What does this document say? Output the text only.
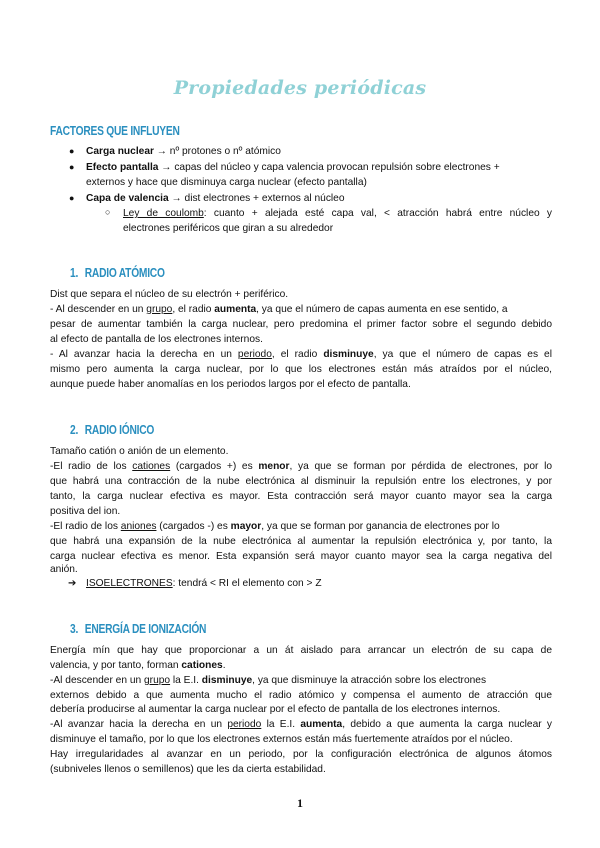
Propiedades periódicas
FACTORES QUE INFLUYEN
● Carga nuclear → nº protones o nº atómico
● Efecto pantalla → capas del núcleo y capa valencia provocan repulsión sobre electrones +
externos y hace que disminuya carga nuclear (efecto pantalla)
● Capa de valencia → dist electrones + externos al núcleo
○ Ley de coulomb: cuanto + alejada esté capa val, < atracción habrá entre núcleo y
electrones periféricos que giran a su alrededor
1. RADIO ATÓMICO
Dist que separa el núcleo de su electrón + periférico.
- Al descender en un grupo, el radio aumenta, ya que el número de capas aumenta en ese sentido, a
pesar de aumentar también la carga nuclear, pero predomina el primer factor sobre el segundo debido
al efecto de pantalla de los electrones internos.
- Al avanzar hacia la derecha en un periodo, el radio disminuye, ya que el número de capas es el
mismo pero aumenta la carga nuclear, por lo que los electrones están más atraídos por el núcleo,
aunque puede haber anomalías en los periodos largos por el efecto de pantalla.
2. RADIO IÓNICO
Tamaño catión o anión de un elemento.
-El radio de los cationes (cargados +) es menor, ya que se forman por pérdida de electrones, por lo
que habrá una contracción de la nube electrónica al disminuir la repulsión entre los electrones, y por
tanto, la carga nuclear efectiva es mayor. Esta contracción será mayor cuanto mayor sea la carga
positiva del ion.
-El radio de los aniones (cargados -) es mayor, ya que se forman por ganancia de electrones por lo
que habrá una expansión de la nube electrónica al aumentar la repulsión electrónica y, por tanto, la
carga nuclear efectiva es menor. Esta expansión será mayor cuanto mayor sea la carga negativa del
anión.
➔ ISOELECTRONES: tendrá < RI el elemento con > Z
3. ENERGÍA DE IONIZACIÓN
Energía mín que hay que proporcionar a un át aislado para arrancar un electrón de su capa de
valencia, y por tanto, forman cationes.
-Al descender en un grupo la E.I. disminuye, ya que disminuye la atracción sobre los electrones
externos debido a que aumenta mucho el radio atómico y compensa el aumento de atracción que
debería producirse al aumentar la carga nuclear por el efecto de pantalla de los electrones internos.
-Al avanzar hacia la derecha en un periodo la E.I. aumenta, debido a que aumenta la carga nuclear y
disminuye el tamaño, por lo que los electrones externos están más fuertemente atraídos por el núcleo.
Hay irregularidades al avanzar en un periodo, por la configuración electrónica de algunos átomos
(subniveles llenos o semillenos) que les da cierta estabilidad.
1
